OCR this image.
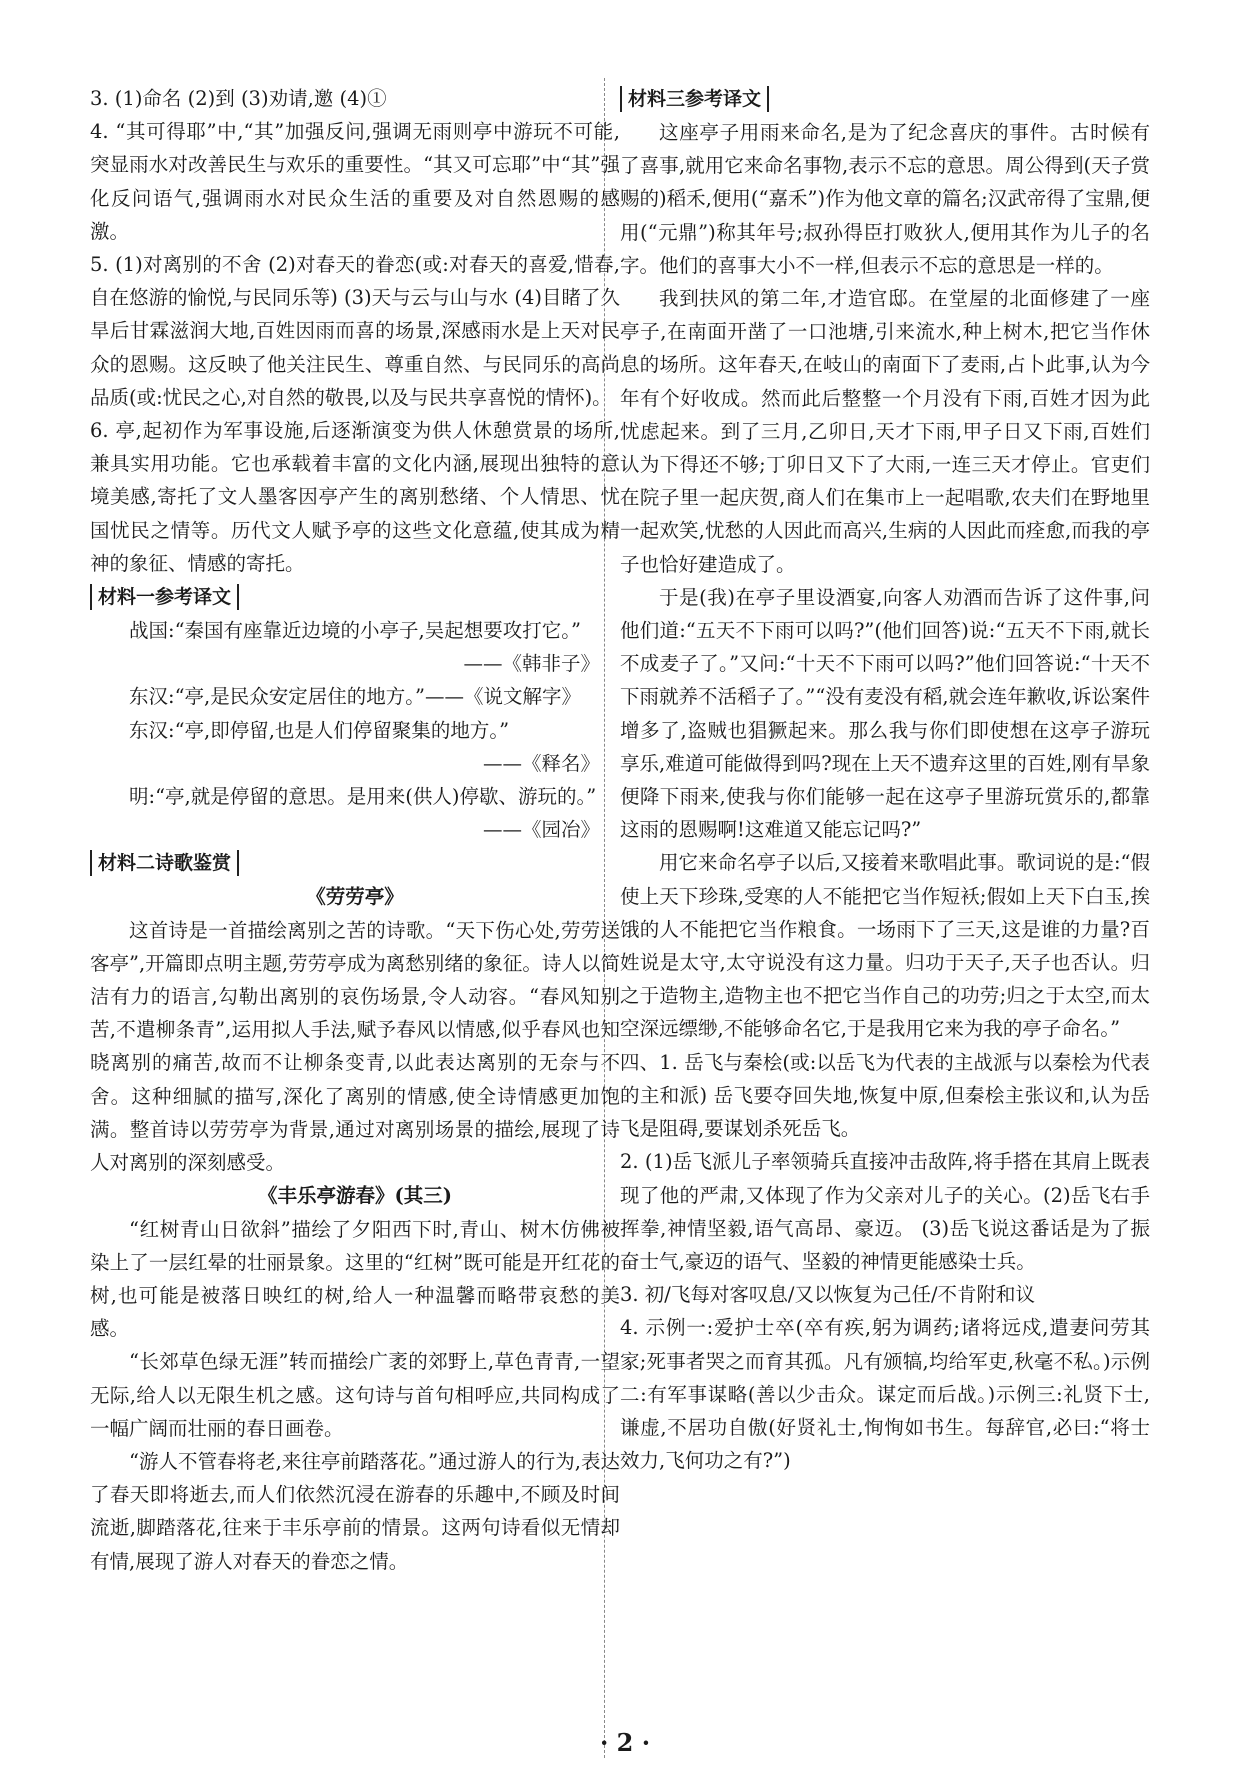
3. (1)命名 (2)到 (3)劝请,邀 (4)①

4. “其可得耶”中,“其”加强反问,强调无雨则亭中游玩不可能,突显雨水对改善民生与欢乐的重要性。“其又可忘耶”中“其”强化反问语气,强调雨水对民众生活的重要及对自然恩赐的感激。

5. (1)对离别的不舍 (2)对春天的眷恋(或:对春天的喜爱,惜春,自在悠游的愉悦,与民同乐等) (3)天与云与山与水 (4)目睹了久旱后甘霖滋润大地,百姓因雨而喜的场景,深感雨水是上天对民众的恩赐。这反映了他关注民生、尊重自然、与民同乐的高尚品质(或:忧民之心,对自然的敬畏,以及与民共享喜悦的情怀)。

6. 亭,起初作为军事设施,后逐渐演变为供人休憩赏景的场所,兼具实用功能。它也承载着丰富的文化内涵,展现出独特的意境美感,寄托了文人墨客因亭产生的离别愁绪、个人情思、忧国忧民之情等。历代文人赋予亭的这些文化意蕴,使其成为精神的象征、情感的寄托。

材料一参考译文

战国:“秦国有座靠近边境的小亭子,吴起想要攻打它。”

——《韩非子》

东汉:“亭,是民众安定居住的地方。”——《说文解字》

东汉:“亭,即停留,也是人们停留聚集的地方。”

——《释名》

明:“亭,就是停留的意思。是用来(供人)停歇、游玩的。”

——《园冶》

材料二诗歌鉴赏

《劳劳亭》

这首诗是一首描绘离别之苦的诗歌。“天下伤心处,劳劳送客亭”,开篇即点明主题,劳劳亭成为离愁别绪的象征。诗人以简洁有力的语言,勾勒出离别的哀伤场景,令人动容。“春风知别苦,不遣柳条青”,运用拟人手法,赋予春风以情感,似乎春风也知晓离别的痛苦,故而不让柳条变青,以此表达离别的无奈与不舍。这种细腻的描写,深化了离别的情感,使全诗情感更加饱满。整首诗以劳劳亭为背景,通过对离别场景的描绘,展现了诗人对离别的深刻感受。

《丰乐亭游春》(其三)

“红树青山日欲斜”描绘了夕阳西下时,青山、树木仿佛被染上了一层红晕的壮丽景象。这里的“红树”既可能是开红花的树,也可能是被落日映红的树,给人一种温馨而略带哀愁的美感。

“长郊草色绿无涯”转而描绘广袤的郊野上,草色青青,一望无际,给人以无限生机之感。这句诗与首句相呼应,共同构成了一幅广阔而壮丽的春日画卷。

“游人不管春将老,来往亭前踏落花。”通过游人的行为,表达了春天即将逝去,而人们依然沉浸在游春的乐趣中,不顾及时间流逝,脚踏落花,往来于丰乐亭前的情景。这两句诗看似无情却有情,展现了游人对春天的眷恋之情。

材料三参考译文

这座亭子用雨来命名,是为了纪念喜庆的事件。古时候有了喜事,就用它来命名事物,表示不忘的意思。周公得到(天子赏赐的)稻禾,便用(“嘉禾”)作为他文章的篇名;汉武帝得了宝鼎,便用(“元鼎”)称其年号;叔孙得臣打败狄人,便用其作为儿子的名字。他们的喜事大小不一样,但表示不忘的意思是一样的。

我到扶风的第二年,才造官邸。在堂屋的北面修建了一座亭子,在南面开凿了一口池塘,引来流水,种上树木,把它当作休息的场所。这年春天,在岐山的南面下了麦雨,占卜此事,认为今年有个好收成。然而此后整整一个月没有下雨,百姓才因为此忧虑起来。到了三月,乙卯日,天才下雨,甲子日又下雨,百姓们认为下得还不够;丁卯日又下了大雨,一连三天才停止。官吏们在院子里一起庆贺,商人们在集市上一起唱歌,农夫们在野地里一起欢笑,忧愁的人因此而高兴,生病的人因此而痊愈,而我的亭子也恰好建造成了。

于是(我)在亭子里设酒宴,向客人劝酒而告诉了这件事,问他们道:“五天不下雨可以吗?”(他们回答)说:“五天不下雨,就长不成麦子了。”又问:“十天不下雨可以吗?”他们回答说:“十天不下雨就养不活稻子了。”“没有麦没有稻,就会连年歉收,诉讼案件增多了,盗贼也猖獗起来。那么我与你们即使想在这亭子游玩享乐,难道可能做得到吗?现在上天不遗弃这里的百姓,刚有旱象便降下雨来,使我与你们能够一起在这亭子里游玩赏乐的,都靠这雨的恩赐啊!这难道又能忘记吗?”

用它来命名亭子以后,又接着来歌唱此事。歌词说的是:“假使上天下珍珠,受寒的人不能把它当作短袄;假如上天下白玉,挨饿的人不能把它当作粮食。一场雨下了三天,这是谁的力量?百姓说是太守,太守说没有这力量。归功于天子,天子也否认。归之于造物主,造物主也不把它当作自己的功劳;归之于太空,而太空深远缥缈,不能够命名它,于是我用它来为我的亭子命名。”

四、1. 岳飞与秦桧(或:以岳飞为代表的主战派与以秦桧为代表的主和派) 岳飞要夺回失地,恢复中原,但秦桧主张议和,认为岳飞是阻碍,要谋划杀死岳飞。

2. (1)岳飞派儿子率领骑兵直接冲击敌阵,将手搭在其肩上既表现了他的严肃,又体现了作为父亲对儿子的关心。(2)岳飞右手挥拳,神情坚毅,语气高昂、豪迈。 (3)岳飞说这番话是为了振奋士气,豪迈的语气、坚毅的神情更能感染士兵。

3. 初/飞每对客叹息/又以恢复为己任/不肯附和议

4. 示例一:爱护士卒(卒有疾,躬为调药;诸将远戍,遣妻问劳其家;死事者哭之而育其孤。凡有颁犒,均给军吏,秋毫不私。)示例二:有军事谋略(善以少击众。谋定而后战。)示例三:礼贤下士,谦虚,不居功自傲(好贤礼士,恂恂如书生。每辞官,必曰:“将士效力,飞何功之有?”)

· 2 ·
